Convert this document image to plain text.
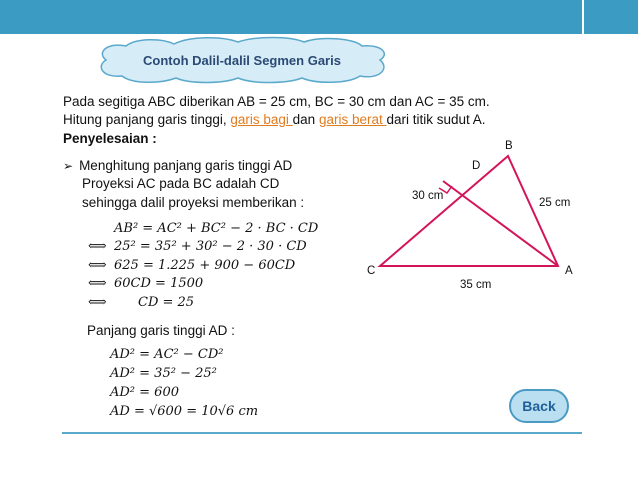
Contoh Dalil-dalil Segmen Garis
Pada segitiga ABC diberikan AB = 25 cm, BC = 30 cm dan AC = 35 cm.
Hitung panjang garis tinggi, garis bagi dan garis berat dari titik sudut A.
Penyelesaian :
➢ Menghitung panjang garis tinggi AD
Proyeksi AC pada BC adalah CD
sehingga dalil proyeksi memberikan :
AB² = AC² + BC² − 2 · BC · CD
⟺ 25² = 35² + 30² − 2 · 30 · CD
⟺ 625 = 1.225 + 900 − 60CD
⟺ 60CD = 1500
⟺ CD = 25
Panjang garis tinggi AD :
AD² = AC² − CD²
AD² = 35² − 25²
AD² = 600
AD = √600 = 10√6 cm
B
D
C	A
30 cm
25 cm
35 cm
Back
